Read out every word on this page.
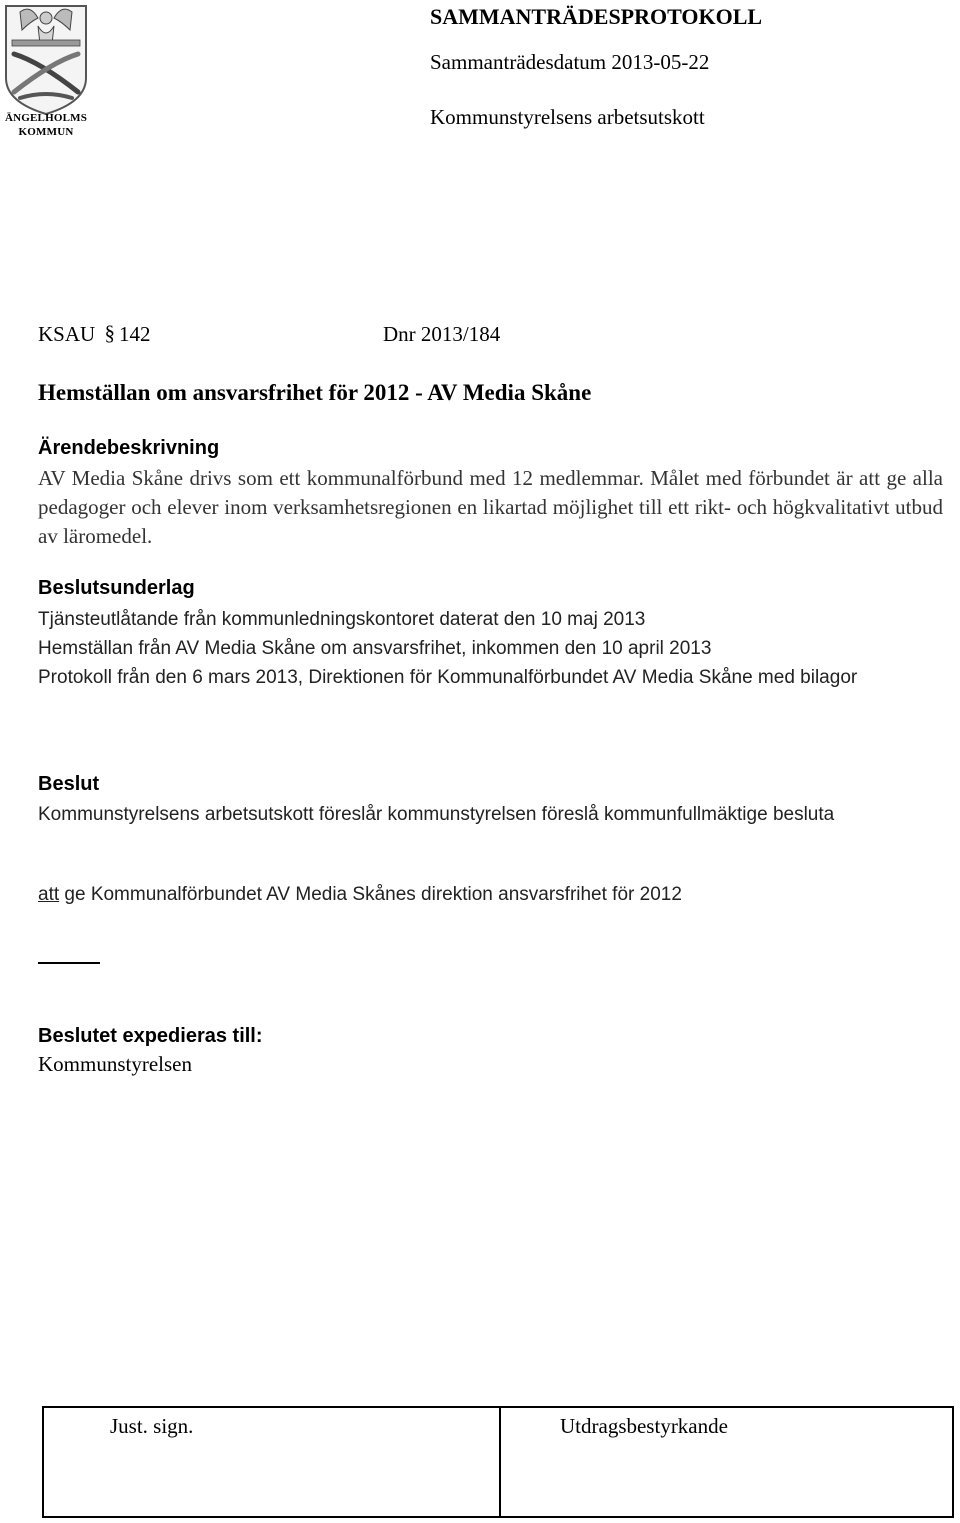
ÄNGELHOLMS
KOMMUN
SAMMANTRÄDESPROTOKOLL
Sammanträdesdatum 2013-05-22
Kommunstyrelsens arbetsutskott
KSAU § 142	Dnr 2013/184
Hemställan om ansvarsfrihet för 2012 - AV Media Skåne
Ärendebeskrivning
AV Media Skåne drivs som ett kommunalförbund med 12 medlemmar. Målet med förbundet är att ge alla pedagoger och elever inom verksamhetsregionen en likartad möjlighet till ett rikt- och högkvalitativt utbud av läromedel.
Beslutsunderlag
Tjänsteutlåtande från kommunledningskontoret daterat den 10 maj 2013
Hemställan från AV Media Skåne om ansvarsfrihet, inkommen den 10 april 2013
Protokoll från den 6 mars 2013, Direktionen för Kommunalförbundet AV Media Skåne med bilagor
Beslut
Kommunstyrelsens arbetsutskott föreslår kommunstyrelsen föreslå kommunfullmäktige besluta
att ge Kommunalförbundet AV Media Skånes direktion ansvarsfrihet för 2012
Beslutet expedieras till:
Kommunstyrelsen
Just. sign.	Utdragsbestyrkande
